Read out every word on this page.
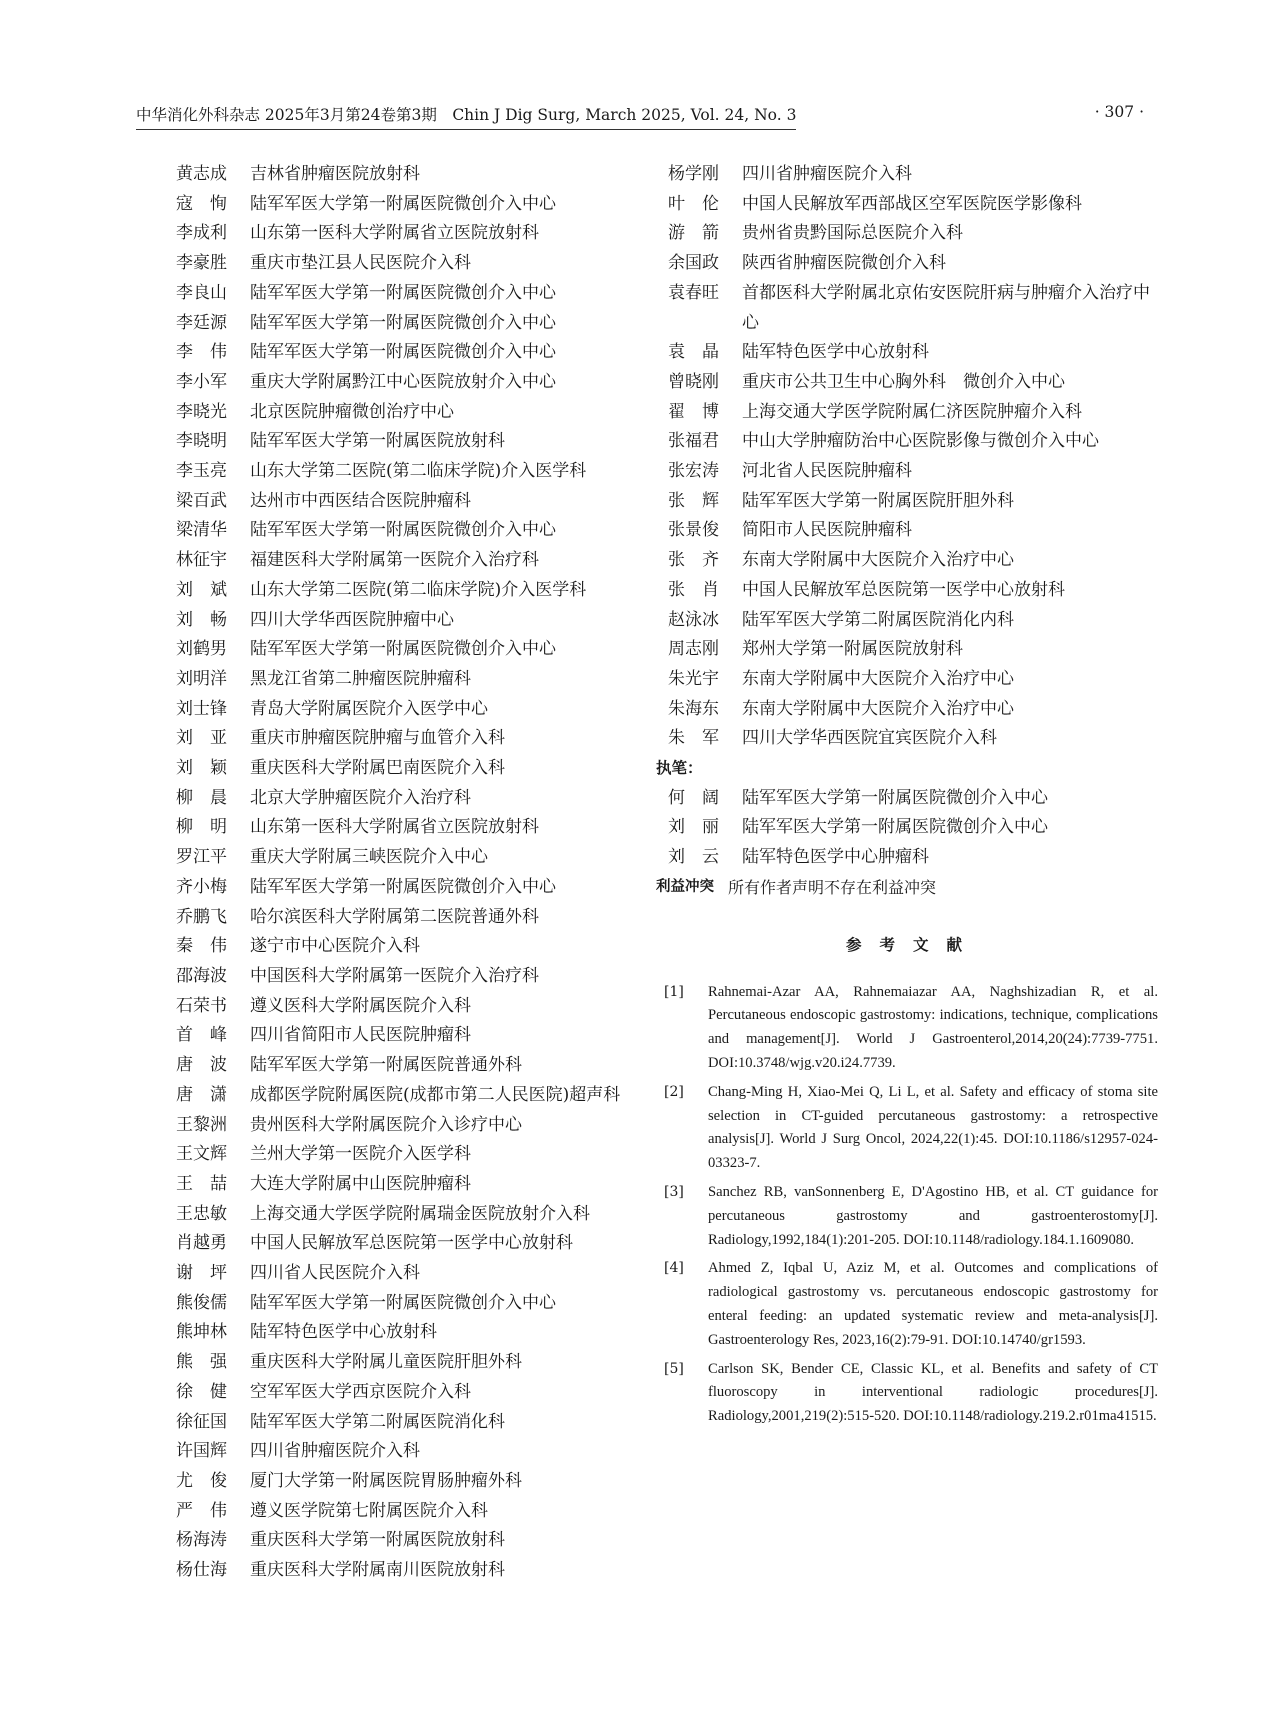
中华消化外科杂志 2025年3月第24卷第3期　Chin J Dig Surg, March 2025, Vol. 24, No. 3	· 307 ·
黄志成	吉林省肿瘤医院放射科
寇　恂	陆军军医大学第一附属医院微创介入中心
李成利	山东第一医科大学附属省立医院放射科
李豪胜	重庆市垫江县人民医院介入科
李良山	陆军军医大学第一附属医院微创介入中心
李廷源	陆军军医大学第一附属医院微创介入中心
李　伟	陆军军医大学第一附属医院微创介入中心
李小军	重庆大学附属黔江中心医院放射介入中心
李晓光	北京医院肿瘤微创治疗中心
李晓明	陆军军医大学第一附属医院放射科
李玉亮	山东大学第二医院(第二临床学院)介入医学科
梁百武	达州市中西医结合医院肿瘤科
梁清华	陆军军医大学第一附属医院微创介入中心
林征宇	福建医科大学附属第一医院介入治疗科
刘　斌	山东大学第二医院(第二临床学院)介入医学科
刘　畅	四川大学华西医院肿瘤中心
刘鹤男	陆军军医大学第一附属医院微创介入中心
刘明洋	黑龙江省第二肿瘤医院肿瘤科
刘士锋	青岛大学附属医院介入医学中心
刘　亚	重庆市肿瘤医院肿瘤与血管介入科
刘　颖	重庆医科大学附属巴南医院介入科
柳　晨	北京大学肿瘤医院介入治疗科
柳　明	山东第一医科大学附属省立医院放射科
罗江平	重庆大学附属三峡医院介入中心
齐小梅	陆军军医大学第一附属医院微创介入中心
乔鹏飞	哈尔滨医科大学附属第二医院普通外科
秦　伟	遂宁市中心医院介入科
邵海波	中国医科大学附属第一医院介入治疗科
石荣书	遵义医科大学附属医院介入科
首　峰	四川省简阳市人民医院肿瘤科
唐　波	陆军军医大学第一附属医院普通外科
唐　潇	成都医学院附属医院(成都市第二人民医院)超声科
王黎洲	贵州医科大学附属医院介入诊疗中心
王文辉	兰州大学第一医院介入医学科
王　喆	大连大学附属中山医院肿瘤科
王忠敏	上海交通大学医学院附属瑞金医院放射介入科
肖越勇	中国人民解放军总医院第一医学中心放射科
谢　坪	四川省人民医院介入科
熊俊儒	陆军军医大学第一附属医院微创介入中心
熊坤林	陆军特色医学中心放射科
熊　强	重庆医科大学附属儿童医院肝胆外科
徐　健	空军军医大学西京医院介入科
徐征国	陆军军医大学第二附属医院消化科
许国辉	四川省肿瘤医院介入科
尤　俊	厦门大学第一附属医院胃肠肿瘤外科
严　伟	遵义医学院第七附属医院介入科
杨海涛	重庆医科大学第一附属医院放射科
杨仕海	重庆医科大学附属南川医院放射科
杨学刚	四川省肿瘤医院介入科
叶　伦	中国人民解放军西部战区空军医院医学影像科
游　箭	贵州省贵黔国际总医院介入科
余国政	陕西省肿瘤医院微创介入科
袁春旺	首都医科大学附属北京佑安医院肝病与肿瘤介入治疗中心
袁　晶	陆军特色医学中心放射科
曾晓刚	重庆市公共卫生中心胸外科　微创介入中心
翟　博	上海交通大学医学院附属仁济医院肿瘤介入科
张福君	中山大学肿瘤防治中心医院影像与微创介入中心
张宏涛	河北省人民医院肿瘤科
张　辉	陆军军医大学第一附属医院肝胆外科
张景俊	简阳市人民医院肿瘤科
张　齐	东南大学附属中大医院介入治疗中心
张　肖	中国人民解放军总医院第一医学中心放射科
赵泳冰	陆军军医大学第二附属医院消化内科
周志刚	郑州大学第一附属医院放射科
朱光宇	东南大学附属中大医院介入治疗中心
朱海东	东南大学附属中大医院介入治疗中心
朱　军	四川大学华西医院宜宾医院介入科
执笔：
何　阔	陆军军医大学第一附属医院微创介入中心
刘　丽	陆军军医大学第一附属医院微创介入中心
刘　云	陆军特色医学中心肿瘤科
利益冲突 所有作者声明不存在利益冲突
参考文献
[1]	Rahnemai-Azar AA, Rahnemaiazar AA, Naghshizadian R, et al. Percutaneous endoscopic gastrostomy: indications, technique, complications and management[J]. World J Gastroenterol,2014,20(24):7739-7751. DOI:10.3748/wjg.v20.i24.7739.
[2]	Chang-Ming H, Xiao-Mei Q, Li L, et al. Safety and efficacy of stoma site selection in CT-guided percutaneous gastrostomy: a retrospective analysis[J]. World J Surg Oncol, 2024,22(1):45. DOI:10.1186/s12957-024-03323-7.
[3]	Sanchez RB, vanSonnenberg E, D'Agostino HB, et al. CT guidance for percutaneous gastrostomy and gastroenterostomy[J]. Radiology,1992,184(1):201-205. DOI:10.1148/radiology.184.1.1609080.
[4]	Ahmed Z, Iqbal U, Aziz M, et al. Outcomes and complications of radiological gastrostomy vs. percutaneous endoscopic gastrostomy for enteral feeding: an updated systematic review and meta-analysis[J]. Gastroenterology Res, 2023,16(2):79-91. DOI:10.14740/gr1593.
[5]	Carlson SK, Bender CE, Classic KL, et al. Benefits and safety of CT fluoroscopy in interventional radiologic procedures[J]. Radiology,2001,219(2):515-520. DOI:10.1148/radiology.219.2.r01ma41515.
